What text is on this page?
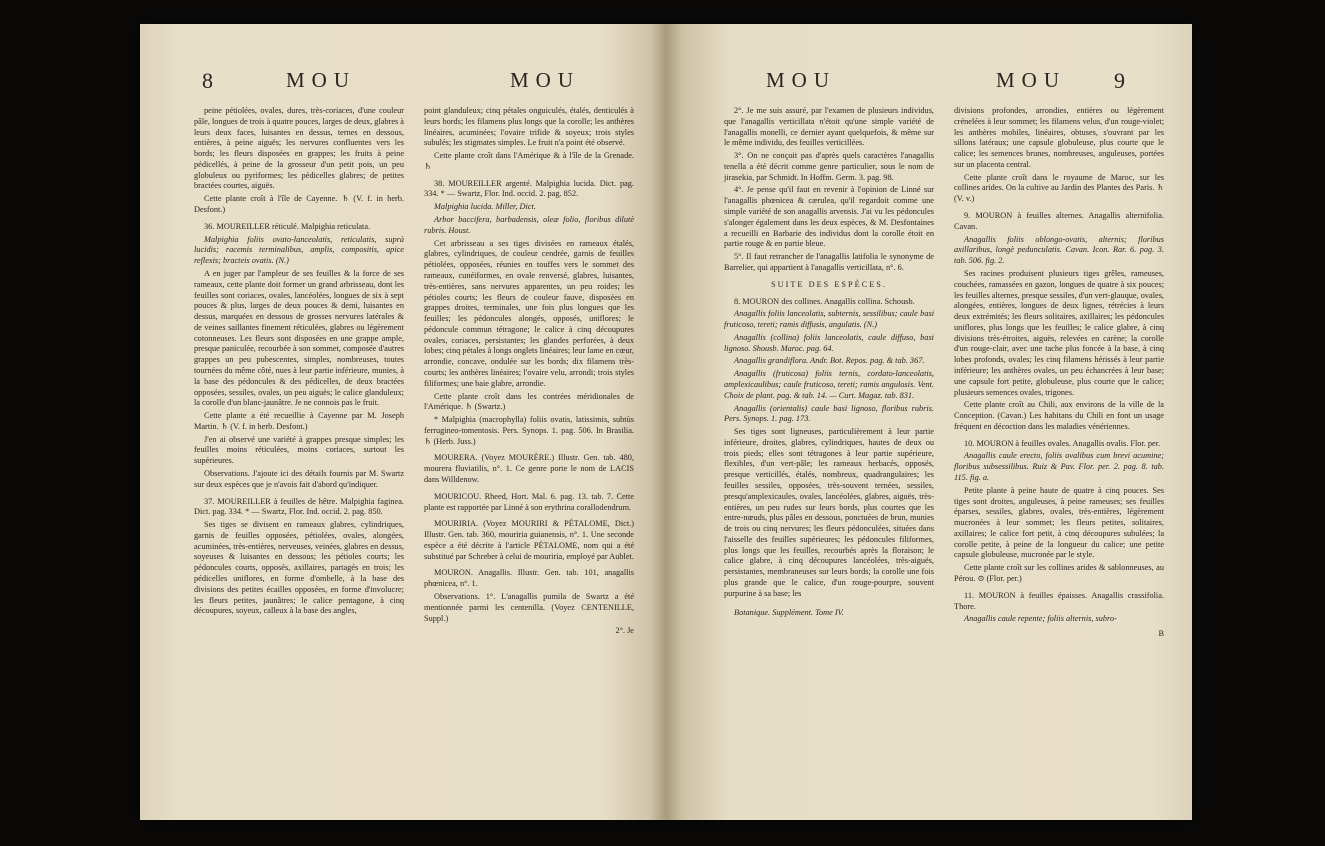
8	MOU	MOU

peine pétiolées, ovales, dures, très-coriaces, d'une couleur pâle, longues de trois à quatre pouces, larges de deux, glabres à leurs deux faces, luisantes en dessus, ternes en dessous, entières, à peine aiguës; les nervures confluentes vers les bords; les fleurs disposées en grappes; les fruits à peine pédicellés, à peine de la grosseur d'un petit pois, un peu globuleux ou pyriformes; les pédicelles glabres; de petites bractées courtes, aiguës.

Cette plante croît à l'île de Cayenne. ♄ (V. f. in herb. Desfont.)

36. MOUREILLER réticulé. Malpighia reticulata.

Malpighia foliis ovato-lanceolatis, reticulatis, suprà lucidis; racemis terminalibus, amplis, compositis, apice reflexis; bracteis ovatis. (N.)

A en juger par l'ampleur de ses feuilles & la force de ses rameaux, cette plante doit former un grand arbrisseau, dont les feuilles sont coriaces, ovales, lancéolées, longues de six à sept pouces & plus, larges de deux pouces & demi, luisantes en dessus, marquées en dessous de grosses nervures latérales & de veines saillantes finement réticulées, glabres ou légèrement cotonneuses. Les fleurs sont disposées en une grappe ample, presque paniculée, recourbée à son sommet, composée d'autres grappes un peu pubescentes, simples, nombreuses, toutes tournées du même côté, nues à leur partie inférieure, munies, à la base des pédoncules & des pédicelles, de deux bractées opposées, sessiles, ovales, un peu aiguës; le calice glanduleux; la corolle d'un blanc-jaunâtre. Je ne connois pas le fruit.

Cette plante a été recueillie à Cayenne par M. Joseph Martin. ♄ (V. f. in herb. Desfont.)

J'en ai observé une variété à grappes presque simples; les feuilles moins réticulées, moins coriaces, surtout les supérieures.

Observations. J'ajoute ici des détails fournis par M. Swartz sur deux espèces que je n'avois fait d'abord qu'indiquer.

37. MOUREILLER à feuilles de hêtre. Malpighia faginea. Dict. pag. 334. * — Swartz, Flor. Ind. occid. 2. pag. 850.

Ses tiges se divisent en rameaux glabres, cylindriques, garnis de feuilles opposées, pétiolées, ovales, alongées, acuminées, très-entières, nerveuses, veinées, glabres en dessus, soyeuses & luisantes en dessous; les pétioles courts; les pédoncules courts, opposés, axillaires, partagés en trois; les pédicelles uniflores, en forme d'ombelle, à la base des divisions des petites écailles opposées, en forme d'involucre; les fleurs petites, jaunâtres; le calice pentagone, à cinq découpures, soyeux, calleux à la base des angles,

point glanduleux; cinq pétales onguiculés, étalés, denticulés à leurs bords; les filamens plus longs que la corolle; les anthères linéaires, acuminées; l'ovaire trifide & soyeux; trois styles subulés; les stigmates simples. Le fruit n'a point été observé.

Cette plante croît dans l'Amérique & à l'île de la Grenade. ♄

38. MOUREILLER argenté. Malpighia lucida. Dict. pag. 334. * — Swartz, Flor. Ind. occid. 2. pag. 852.

Malpighia lucida. Miller, Dict.

Arbor baccifera, barbadensis, oleæ folio, floribus dilutè rubris. Houst.

Cet arbrisseau a ses tiges divisées en rameaux étalés, glabres, cylindriques, de couleur cendrée, garnis de feuilles pétiolées, opposées, réunies en touffes vers le sommet des rameaux, cunéiformes, en ovale renversé, glabres, luisantes, très-entières, sans nervures apparentes, un peu roides; les pétioles courts; les fleurs de couleur fauve, disposées en grappes droites, terminales, une fois plus longues que les feuilles; les pédoncules alongés, opposés, uniflores; le pédoncule commun tétragone; le calice à cinq découpures ovales, coriaces, persistantes; les glandes perforées, à deux lobes; cinq pétales à longs onglets linéaires; leur lame en cœur, arrondie, concave, ondulée sur les bords; dix filamens très-courts; les anthères linéaires; l'ovaire velu, arrondi; trois styles filiformes; une baie glabre, arrondie.

Cette plante croît dans les contrées méridionales de l'Amérique. ♄ (Swartz.)

* Malpighia (macrophylla) foliis ovatis, latissimis, subtùs ferrugineo-tomentosis. Pers. Synops. 1. pag. 506. In Brasilia. ♄ (Herb. Juss.)

MOURERA. (Voyez MOURÈRE.) Illustr. Gen. tab. 480, mourera fluviatilis, n°. 1. Ce genre porte le nom de LACIS dans Willdenow.

MOURICOU. Rheed, Hort. Mal. 6. pag. 13. tab. 7. Cette plante est rapportée par Linné à son erythrina corallodendrum.

MOURIRIA. (Voyez MOURIRI & PÉTALOME, Dict.) Illustr. Gen. tab. 360, mouriria guianensis, n°. 1. Une seconde espèce a été décrite à l'article PÉTALOME, nom qui a été substitué par Schreber à celui de mouriria, employé par Aublet.

MOURON. Anagallis. Illustr. Gen. tab. 101, anagallis phœnicea, n°. 1.

Observations. 1°. L'anagallis pumila de Swartz a été mentionnée parmi les centenilla. (Voyez CENTENILLE, Suppl.)

2°. Je

MOU	MOU 9

2°. Je me suis assuré, par l'examen de plusieurs individus, que l'anagallis verticillata n'étoit qu'une simple variété de l'anagallis monelli, ce dernier ayant quelquefois, & même sur le même individu, des feuilles verticillées.

3°. On ne conçoit pas d'après quels caractères l'anagallis tenella a été décrit comme genre particulier, sous le nom de jirasekia, par Schmidt. In Hoffm. Germ. 3. pag. 98.

4°. Je pense qu'il faut en revenir à l'opinion de Linné sur l'anagallis phœnicea & cærulea, qu'il regardoit comme une simple variété de son anagallis arvensis. J'ai vu les pédoncules s'alonger également dans les deux espèces, & M. Desfontaines a recueilli en Barbarie des individus dont la corolle étoit en partie rouge & en partie bleue.

5°. Il faut retrancher de l'anagallis latifolia le synonyme de Barrelier, qui appartient à l'anagallis verticillata, n°. 6.

SUITE DES ESPÈCES.

8. MOURON des collines. Anagallis collina. Schousb.

Anagallis foliis lanceolatis, subternis, sessilibus; caule basi fruticoso, tereti; ramis diffusis, angulatis. (N.)

Anagallis (collina) foliis lanceolatis, caule diffuso, basi lignoso. Shousb. Maroc. pag. 64.

Anagallis grandiflora. Andr. Bot. Repos. pag. & tab. 367.

Anagallis (fruticosa) foliis ternis, cordato-lanceolatis, amplexicaulibus; caule fruticoso, tereti; ramis angulosis. Vent. Choix de plant. pag. & tab. 14. — Curt. Magaz. tab. 831.

Anagallis (orientalis) caule basi lignoso, floribus rubris. Pers. Synops. 1. pag. 173.

Ses tiges sont ligneuses, particulièrement à leur partie inférieure, droites, glabres, cylindriques, hautes de deux ou trois pieds; elles sont tétragones à leur partie supérieure, flexibles, d'un vert-pâle; les rameaux herbacés, opposés, presque verticillés, étalés, nombreux, quadrangulaires; les feuilles sessiles, opposées, très-souvent ternées, sessiles, presqu'amplexicaules, ovales, lancéolées, glabres, aiguës, très-entières, un peu rudes sur leurs bords, plus courtes que les entre-nœuds, plus pâles en dessous, ponctuées de brun, munies de trois ou cinq nervures; les fleurs pédonculées, situées dans l'aisselle des feuilles supérieures; les pédoncules filiformes, plus longs que les feuilles, recourbés après la floraison; le calice glabre, à cinq découpures lancéolées, très-aiguës, persistantes, membraneuses sur leurs bords; la corolle une fois plus grande que le calice, d'un rouge-pourpre, souvent purpurine à sa base; les

Botanique. Supplément. Tome IV.

divisions profondes, arrondies, entières ou légèrement crénelées à leur sommet; les filamens velus, d'un rouge-violet; les anthères mobiles, linéaires, obtuses, s'ouvrant par les sillons latéraux; une capsule globuleuse, plus courte que le calice; les semences brunes, nombreuses, anguleuses, portées sur un placenta central.

Cette plante croît dans le royaume de Maroc, sur les collines arides. On la cultive au Jardin des Plantes des Paris. ♄ (V. v.)

9. MOURON à feuilles alternes. Anagallis alternifolia. Cavan.

Anagallis foliis oblongo-ovatis, alternis; floribus axillaribus, longè pedunculatis. Cavan. Icon. Rar. 6. pag. 3. tab. 506. fig. 2.

Ses racines produisent plusieurs tiges grêles, rameuses, couchées, ramassées en gazon, longues de quatre à six pouces; les feuilles alternes, presque sessiles, d'un vert-glauque, ovales, alongées, entières, longues de deux lignes, rétrécies à leurs deux extrémités; les fleurs solitaires, axillaires; les pédoncules uniflores, plus longs que les feuilles; le calice glabre, à cinq divisions très-étroites, aiguës, relevées en carène; la corolle d'un rouge-clair, avec une tache plus foncée à la base, à cinq lobes profonds, ovales; les cinq filamens hérissés à leur partie inférieure; les anthères ovales, un peu échancrées à leur base; une capsule fort petite, globuleuse, plus courte que le calice; plusieurs semences ovales, trigones.

Cette plante croît au Chili, aux environs de la ville de la Conception. (Cavan.) Les habitans du Chili en font un usage fréquent en décoction dans les maladies vénériennes.

10. MOURON à feuilles ovales. Anagallis ovalis. Flor. per.

Anagallis caule erecto, foliis ovalibus cum brevi acumine; floribus subsessilibus. Ruiz & Pav. Flor. per. 2. pag. 8. tab. 115. fig. a.

Petite plante à peine haute de quatre à cinq pouces. Ses tiges sont droites, anguleuses, à peine rameuses; ses feuilles éparses, sessiles, glabres, ovales, très-entières, légèrement mucronées à leur sommet; les fleurs petites, solitaires, axillaires; le calice fort petit, à cinq découpures subulées; la corolle petite, à peine de la longueur du calice; une petite capsule globuleuse, mucronée par le style.

Cette plante croît sur les collines arides & sablonneuses, au Pérou. ⊙ (Flor. per.)

11. MOURON à feuilles épaisses. Anagallis crassifolia. Thore.

Anagallis caule repente; foliis alternis, subro-

B
